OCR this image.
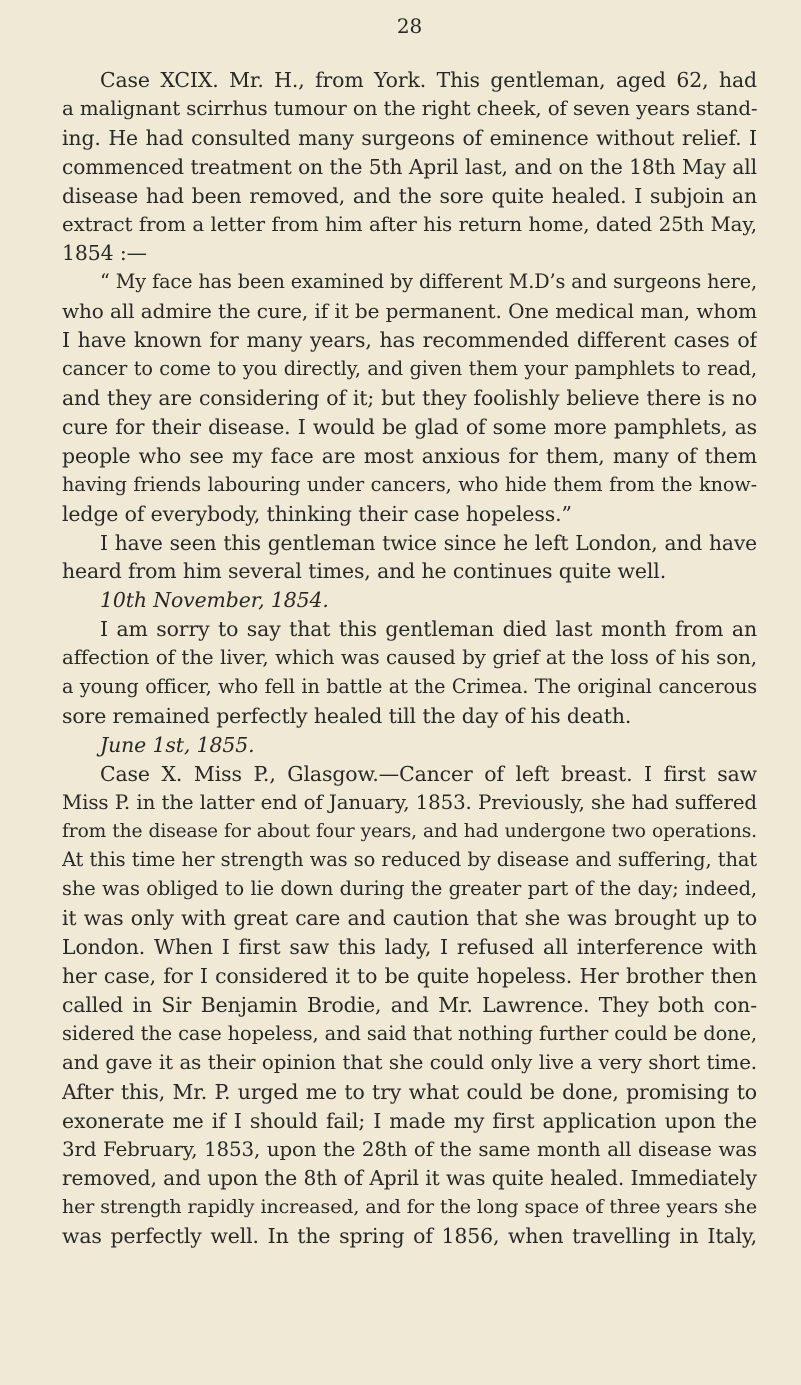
28
Case XCIX. Mr. H., from York. This gentleman, aged 62, had
a malignant scirrhus tumour on the right cheek, of seven years stand-
ing. He had consulted many surgeons of eminence without relief. I
commenced treatment on the 5th April last, and on the 18th May all
disease had been removed, and the sore quite healed. I subjoin an
extract from a letter from him after his return home, dated 25th May,
1854 :—
“ My face has been examined by different M.D’s and surgeons here,
who all admire the cure, if it be permanent. One medical man, whom
I have known for many years, has recommended different cases of
cancer to come to you directly, and given them your pamphlets to read,
and they are considering of it; but they foolishly believe there is no
cure for their disease. I would be glad of some more pamphlets, as
people who see my face are most anxious for them, many of them
having friends labouring under cancers, who hide them from the know-
ledge of everybody, thinking their case hopeless.”
I have seen this gentleman twice since he left London, and have
heard from him several times, and he continues quite well.
10th November, 1854.
I am sorry to say that this gentleman died last month from an
affection of the liver, which was caused by grief at the loss of his son,
a young officer, who fell in battle at the Crimea. The original cancerous
sore remained perfectly healed till the day of his death.
June 1st, 1855.
Case X. Miss P., Glasgow.—Cancer of left breast. I first saw
Miss P. in the latter end of January, 1853. Previously, she had suffered
from the disease for about four years, and had undergone two operations.
At this time her strength was so reduced by disease and suffering, that
she was obliged to lie down during the greater part of the day; indeed,
it was only with great care and caution that she was brought up to
London. When I first saw this lady, I refused all interference with
her case, for I considered it to be quite hopeless. Her brother then
called in Sir Benjamin Brodie, and Mr. Lawrence. They both con-
sidered the case hopeless, and said that nothing further could be done,
and gave it as their opinion that she could only live a very short time.
After this, Mr. P. urged me to try what could be done, promising to
exonerate me if I should fail; I made my first application upon the
3rd February, 1853, upon the 28th of the same month all disease was
removed, and upon the 8th of April it was quite healed. Immediately
her strength rapidly increased, and for the long space of three years she
was perfectly well. In the spring of 1856, when travelling in Italy,
